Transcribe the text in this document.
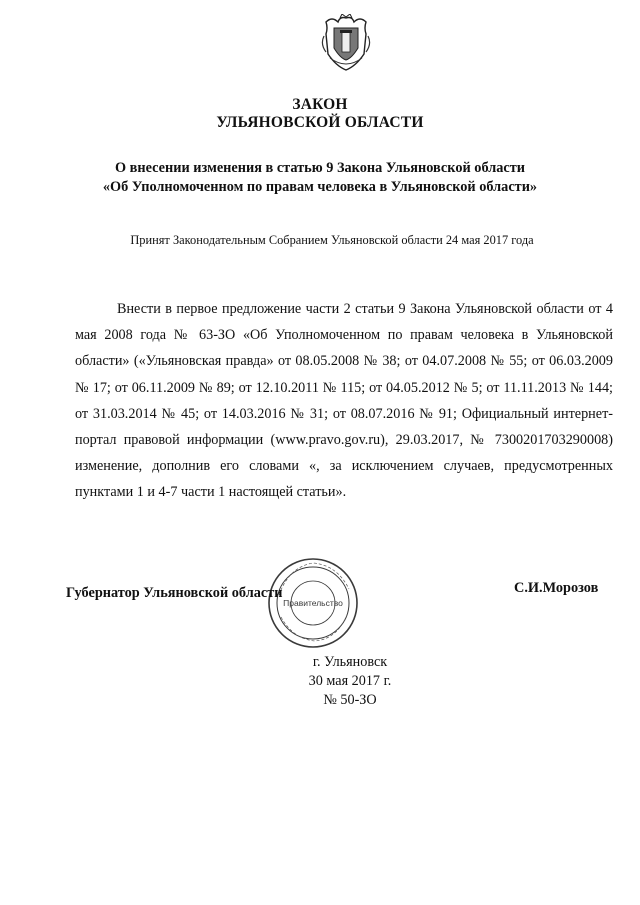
ЗАКОН
УЛЬЯНОВСКОЙ ОБЛАСТИ
О внесении изменения в статью 9 Закона Ульяновской области
«Об Уполномоченном по правам человека в Ульяновской области»
Принят Законодательным Собранием Ульяновской области 24 мая 2017 года
Внести в первое предложение части 2 статьи 9 Закона Ульяновской области от 4 мая 2008 года № 63-ЗО «Об Уполномоченном по правам человека в Ульяновской области» («Ульяновская правда» от 08.05.2008 № 38; от 04.07.2008 № 55; от 06.03.2009 № 17; от 06.11.2009 № 89; от 12.10.2011 № 115; от 04.05.2012 № 5; от 11.11.2013 № 144; от 31.03.2014 № 45; от 14.03.2016 № 31; от 08.07.2016 № 91; Официальный интернет-портал правовой информации (www.pravo.gov.ru), 29.03.2017, № 7300201703290008) изменение, дополнив его словами «, за исключением случаев, предусмотренных пунктами 1 и 4-7 части 1 настоящей статьи».
Правительство
Губернатор Ульяновской области	С.И.Морозов
г. Ульяновск
30 мая 2017 г.
№ 50-ЗО
